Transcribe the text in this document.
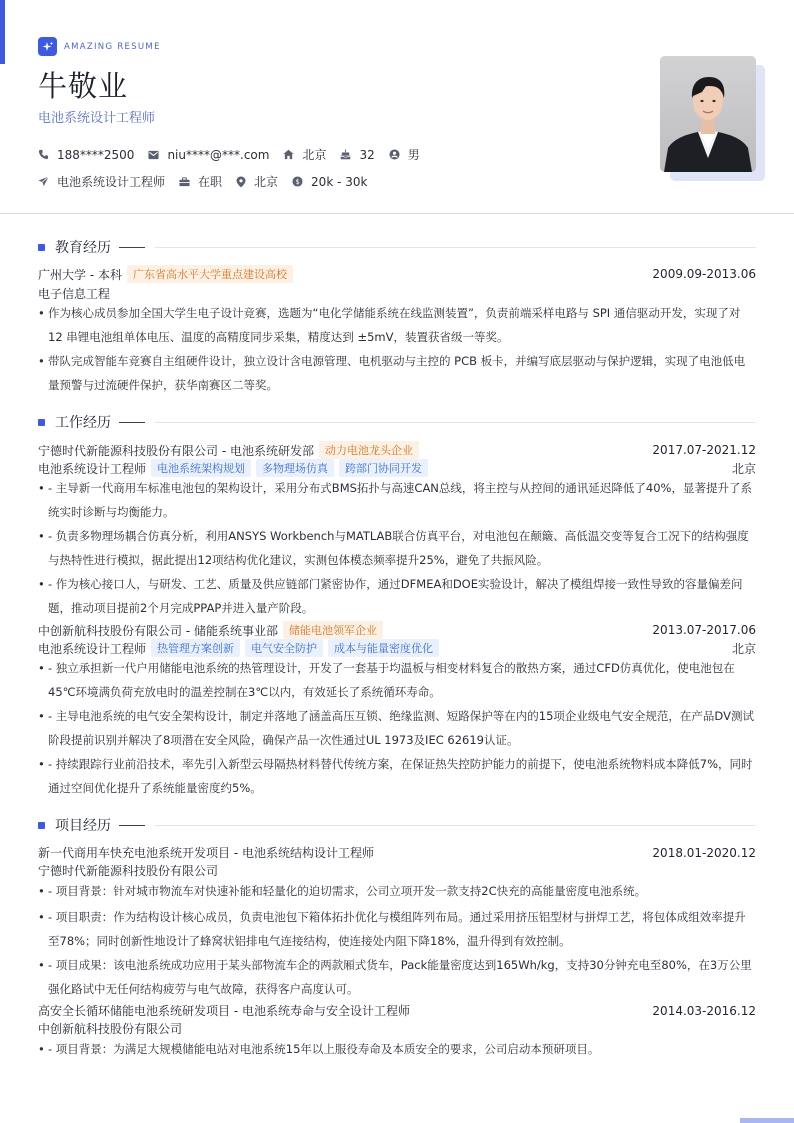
AMAZING RESUME
牛敬业
电池系统设计工程师
188****2500	niu****@***.com	北京	32	男
电池系统设计工程师	在职	北京 $ 20k - 30k
教育经历
广州大学 - 本科	广东省高水平大学重点建设高校	2009.09-2013.06
电子信息工程
• 作为核心成员参加全国大学生电子设计竞赛，选题为“电化学储能系统在线监测装置”，负责前端采样电路与 SPI 通信驱动开发，实现了对 12 串锂电池组单体电压、温度的高精度同步采集，精度达到 ±5mV，装置获省级一等奖。
• 带队完成智能车竞赛自主组硬件设计，独立设计含电源管理、电机驱动与主控的 PCB 板卡，并编写底层驱动与保护逻辑，实现了电池低电量预警与过流硬件保护，获华南赛区二等奖。
工作经历
宁德时代新能源科技股份有限公司 - 电池系统研发部	动力电池龙头企业	2017.07-2021.12
电池系统设计工程师	电池系统架构规划	多物理场仿真	跨部门协同开发	北京
• - 主导新一代商用车标准电池包的架构设计，采用分布式BMS拓扑与高速CAN总线，将主控与从控间的通讯延迟降低了40%，显著提升了系统实时诊断与均衡能力。
• - 负责多物理场耦合仿真分析，利用ANSYS Workbench与MATLAB联合仿真平台，对电池包在颠簸、高低温交变等复合工况下的结构强度与热特性进行模拟，据此提出12项结构优化建议，实测包体模态频率提升25%，避免了共振风险。
• - 作为核心接口人，与研发、工艺、质量及供应链部门紧密协作，通过DFMEA和DOE实验设计，解决了模组焊接一致性导致的容量偏差问题，推动项目提前2个月完成PPAP并进入量产阶段。
中创新航科技股份有限公司 - 储能系统事业部	储能电池领军企业	2013.07-2017.06
电池系统设计工程师	热管理方案创新	电气安全防护	成本与能量密度优化	北京
• - 独立承担新一代户用储能电池系统的热管理设计，开发了一套基于均温板与相变材料复合的散热方案，通过CFD仿真优化，使电池包在45℃环境满负荷充放电时的温差控制在3℃以内，有效延长了系统循环寿命。
• - 主导电池系统的电气安全架构设计，制定并落地了涵盖高压互锁、绝缘监测、短路保护等在内的15项企业级电气安全规范，在产品DV测试阶段提前识别并解决了8项潜在安全风险，确保产品一次性通过UL 1973及IEC 62619认证。
• - 持续跟踪行业前沿技术，率先引入新型云母隔热材料替代传统方案，在保证热失控防护能力的前提下，使电池系统物料成本降低7%，同时通过空间优化提升了系统能量密度约5%。
项目经历
新一代商用车快充电池系统开发项目 - 电池系统结构设计工程师	2018.01-2020.12
宁德时代新能源科技股份有限公司
• - 项目背景：针对城市物流车对快速补能和轻量化的迫切需求，公司立项开发一款支持2C快充的高能量密度电池系统。
• - 项目职责：作为结构设计核心成员，负责电池包下箱体拓扑优化与模组阵列布局。通过采用挤压铝型材与拼焊工艺，将包体成组效率提升至78%；同时创新性地设计了蜂窝状铝排电气连接结构，使连接处内阻下降18%，温升得到有效控制。
• - 项目成果：该电池系统成功应用于某头部物流车企的两款厢式货车，Pack能量密度达到165Wh/kg，支持30分钟充电至80%，在3万公里强化路试中无任何结构疲劳与电气故障，获得客户高度认可。
高安全长循环储能电池系统研发项目 - 电池系统寿命与安全设计工程师	2014.03-2016.12
中创新航科技股份有限公司
• - 项目背景：为满足大规模储能电站对电池系统15年以上服役寿命及本质安全的要求，公司启动本预研项目。
